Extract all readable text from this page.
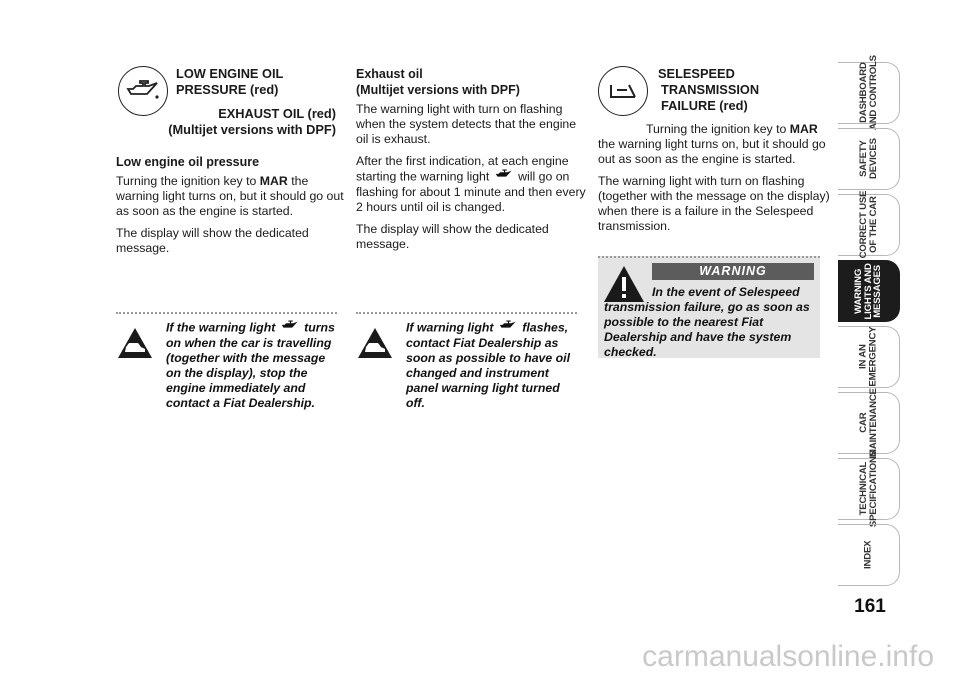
LOW ENGINE OIL
PRESSURE (red)
EXHAUST OIL (red)
(Multijet versions with DPF)
Low engine oil pressure

Turning the ignition key to MAR the warning light turns on, but it should go out as soon as the engine is started.

The display will show the dedicated message.

If the warning light  turns on when the car is travelling (together with the message on the display), stop the engine immediately and contact a Fiat Dealership.
Exhaust oil
(Multijet versions with DPF)

The warning light with turn on flashing when the system detects that the engine oil is exhaust.

After the first indication, at each engine starting the warning light  will go on flashing for about 1 minute and then every 2 hours until oil is changed.

The display will show the dedicated message.

If warning light  flashes, contact Fiat Dealership as soon as possible to have oil changed and instrument panel warning light turned off.
SELESPEED
TRANSMISSION
FAILURE (red)

Turning the ignition key to MAR the warning light turns on, but it should go out as soon as the engine is started.

The warning light with turn on flashing (together with the message on the display) when there is a failure in the Selespeed transmission.

WARNING
In the event of Selespeed transmission failure, go as soon as possible to the nearest Fiat Dealership and have the system checked.
DASHBOARD
AND CONTROLS
SAFETY
DEVICES
CORRECT USE
OF THE CAR
WARNING
LIGHTS AND
MESSAGES
IN AN
EMERGENCY
CAR
MAINTENANCE
TECHNICAL
SPECIFICATIONS
INDEX
161
carmanualsonline.info
